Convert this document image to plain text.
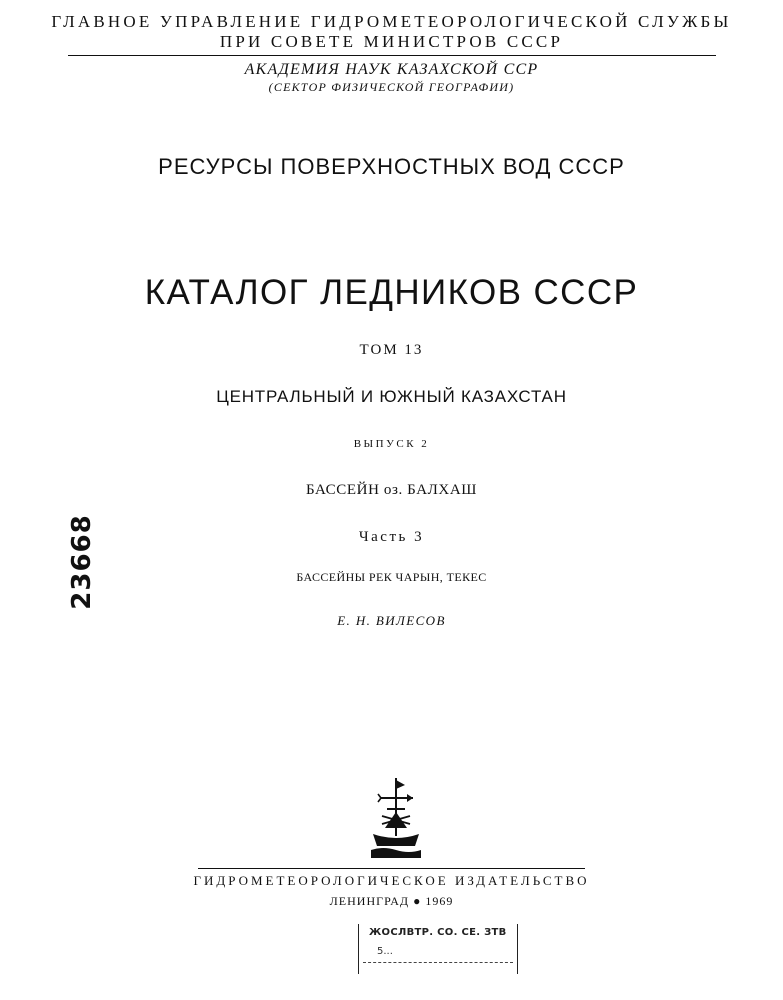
ГЛАВНОЕ УПРАВЛЕНИЕ ГИДРОМЕТЕОРОЛОГИЧЕСКОЙ СЛУЖБЫ
ПРИ СОВЕТЕ МИНИСТРОВ СССР
АКАДЕМИЯ НАУК КАЗАХСКОЙ ССР
(СЕКТОР ФИЗИЧЕСКОЙ ГЕОГРАФИИ)
РЕСУРСЫ ПОВЕРХНОСТНЫХ ВОД СССР
КАТАЛОГ ЛЕДНИКОВ СССР
ТОМ 13
ЦЕНТРАЛЬНЫЙ И ЮЖНЫЙ КАЗАХСТАН
ВЫПУСК 2
БАССЕЙН оз. БАЛХАШ
Часть 3
БАССЕЙНЫ РЕК ЧАРЫН, ТЕКЕС
Е. Н. ВИЛЕСОВ
23668
ГИДРОМЕТЕОРОЛОГИЧЕСКОЕ ИЗДАТЕЛЬСТВО
ЛЕНИНГРАД ● 1969
ЖОСЛВТР. СО. СЕ. ЗТВ
5...
